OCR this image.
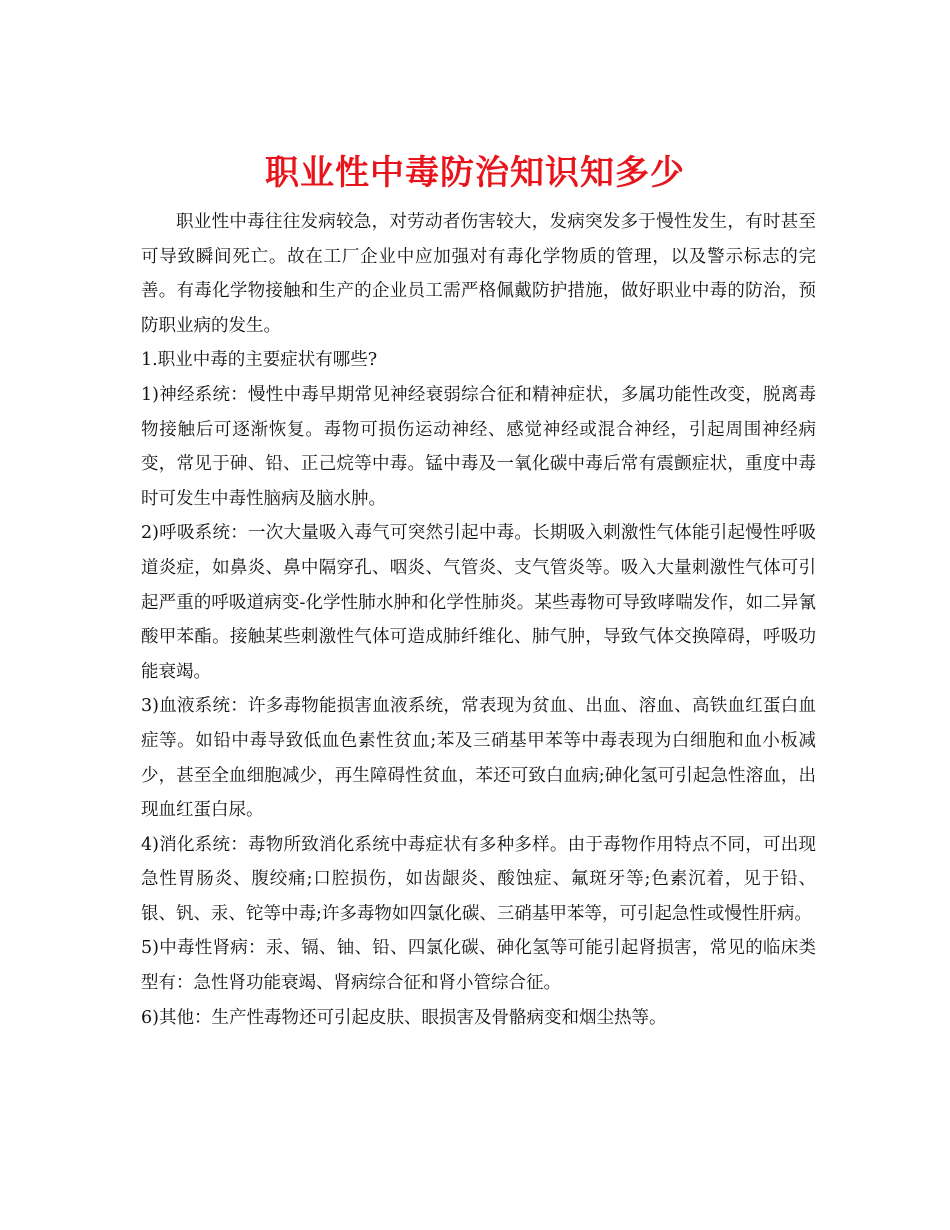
职业性中毒防治知识知多少

职业性中毒往往发病较急，对劳动者伤害较大，发病突发多于慢性发生，有时甚至可导致瞬间死亡。故在工厂企业中应加强对有毒化学物质的管理，以及警示标志的完善。有毒化学物接触和生产的企业员工需严格佩戴防护措施，做好职业中毒的防治，预防职业病的发生。

1.职业中毒的主要症状有哪些?

1)神经系统：慢性中毒早期常见神经衰弱综合征和精神症状，多属功能性改变，脱离毒物接触后可逐渐恢复。毒物可损伤运动神经、感觉神经或混合神经，引起周围神经病变，常见于砷、铅、正己烷等中毒。锰中毒及一氧化碳中毒后常有震颤症状，重度中毒时可发生中毒性脑病及脑水肿。

2)呼吸系统：一次大量吸入毒气可突然引起中毒。长期吸入刺激性气体能引起慢性呼吸道炎症，如鼻炎、鼻中隔穿孔、咽炎、气管炎、支气管炎等。吸入大量刺激性气体可引起严重的呼吸道病变-化学性肺水肿和化学性肺炎。某些毒物可导致哮喘发作，如二异氰酸甲苯酯。接触某些刺激性气体可造成肺纤维化、肺气肿，导致气体交换障碍，呼吸功能衰竭。

3)血液系统：许多毒物能损害血液系统，常表现为贫血、出血、溶血、高铁血红蛋白血症等。如铅中毒导致低血色素性贫血;苯及三硝基甲苯等中毒表现为白细胞和血小板减少，甚至全血细胞减少，再生障碍性贫血，苯还可致白血病;砷化氢可引起急性溶血，出现血红蛋白尿。

4)消化系统：毒物所致消化系统中毒症状有多种多样。由于毒物作用特点不同，可出现急性胃肠炎、腹绞痛;口腔损伤，如齿龈炎、酸蚀症、氟斑牙等;色素沉着，见于铅、银、钒、汞、铊等中毒;许多毒物如四氯化碳、三硝基甲苯等，可引起急性或慢性肝病。

5)中毒性肾病：汞、镉、铀、铅、四氯化碳、砷化氢等可能引起肾损害，常见的临床类型有：急性肾功能衰竭、肾病综合征和肾小管综合征。

6)其他：生产性毒物还可引起皮肤、眼损害及骨骼病变和烟尘热等。
